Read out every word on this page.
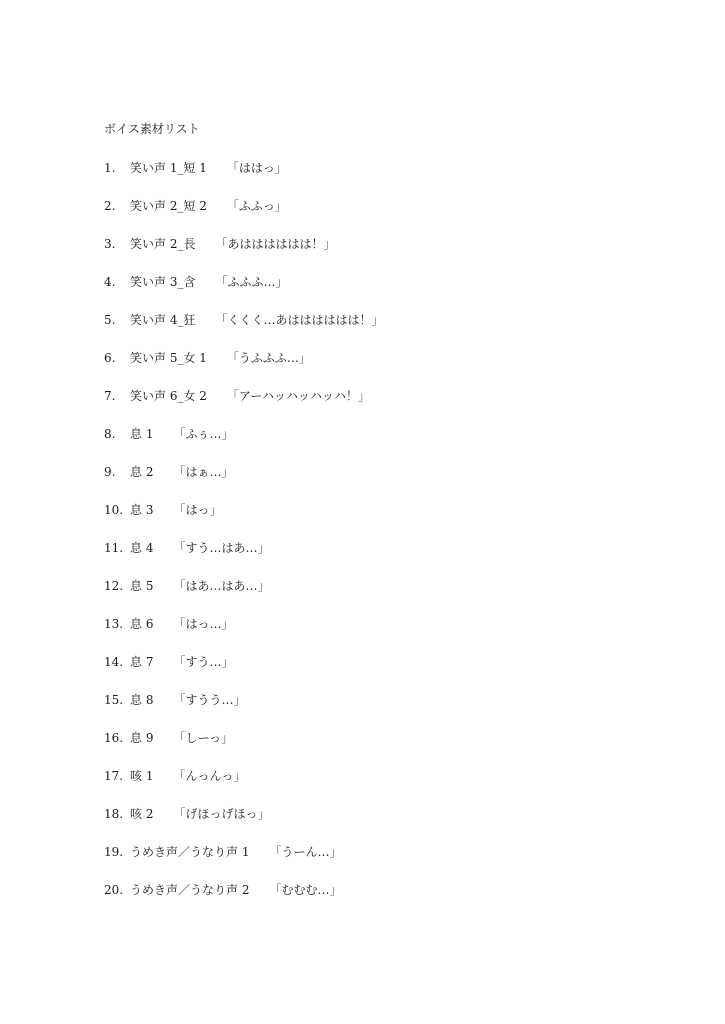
ボイス素材リスト
1.	笑い声 1_短 1 「ははっ」
2.	笑い声 2_短 2 「ふふっ」
3.	笑い声 2_長 「あはははははは！」
4.	笑い声 3_含 「ふふふ…」
5.	笑い声 4_狂 「くくく…あはははははは！」
6.	笑い声 5_女 1 「うふふふ…」
7.	笑い声 6_女 2 「アーハッハッハッハ！」
8.	息 1 「ふぅ…」
9.	息 2 「はぁ…」
10. 息 3 「はっ」
11. 息 4 「すう…はあ…」
12. 息 5 「はあ…はあ…」
13. 息 6 「はっ…」
14. 息 7 「すう…」
15. 息 8 「すうう…」
16. 息 9 「しーっ」
17. 咳 1 「んっんっ」
18. 咳 2 「げほっげほっ」
19. うめき声／うなり声 1 「うーん…」
20. うめき声／うなり声 2 「むむむ…」
